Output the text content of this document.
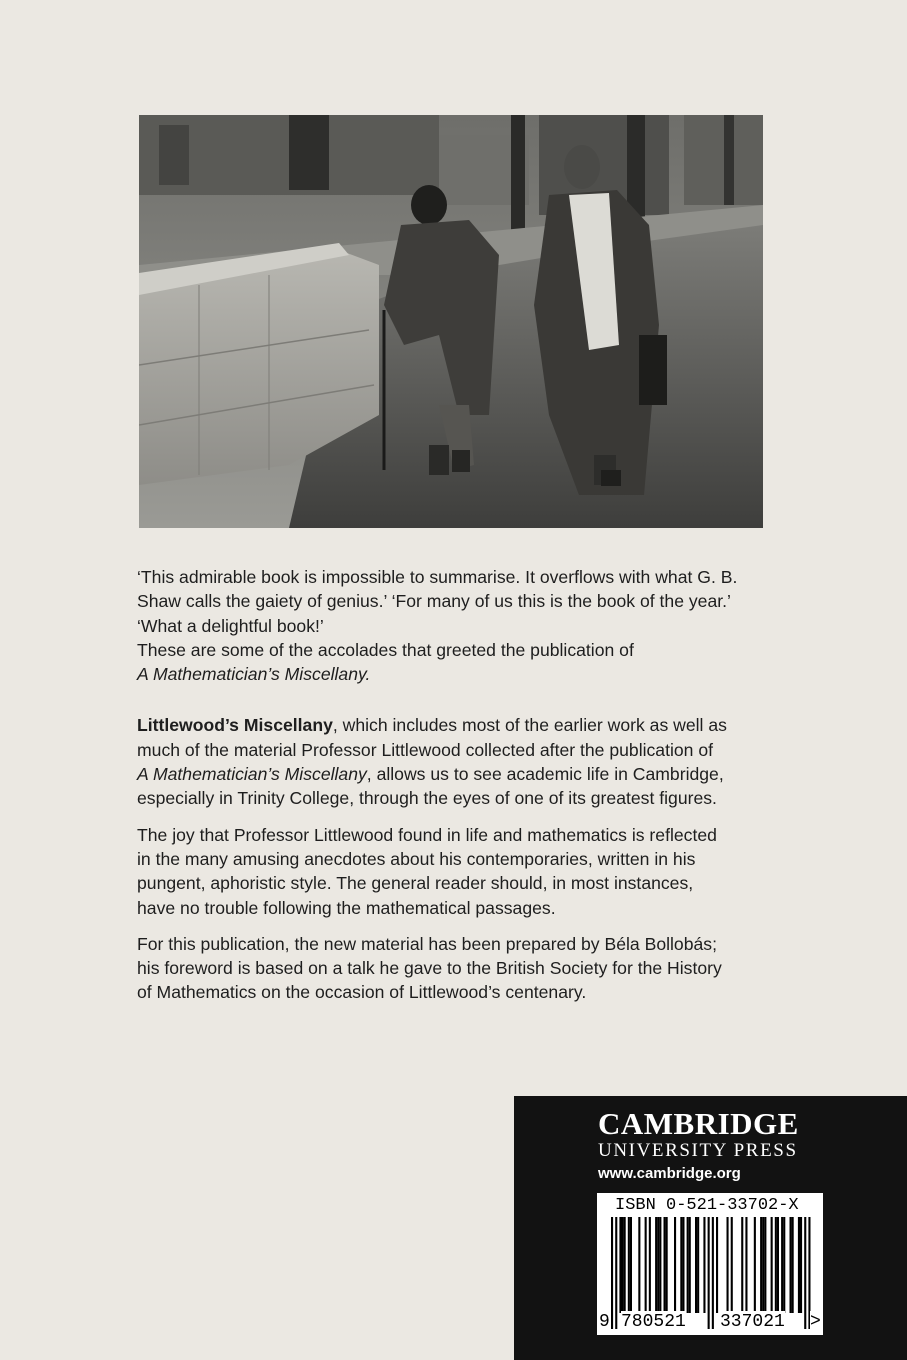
‘This admirable book is impossible to summarise. It overflows with what G. B.
Shaw calls the gaiety of genius.’ ‘For many of us this is the book of the year.’
‘What a delightful book!’
These are some of the accolades that greeted the publication of
A Mathematician’s Miscellany.
Littlewood’s Miscellany, which includes most of the earlier work as well as
much of the material Professor Littlewood collected after the publication of
A Mathematician’s Miscellany, allows us to see academic life in Cambridge,
especially in Trinity College, through the eyes of one of its greatest figures.
The joy that Professor Littlewood found in life and mathematics is reflected
in the many amusing anecdotes about his contemporaries, written in his
pungent, aphoristic style. The general reader should, in most instances,
have no trouble following the mathematical passages.
For this publication, the new material has been prepared by Béla Bollobás;
his foreword is based on a talk he gave to the British Society for the History
of Mathematics on the occasion of Littlewood’s centenary.
CAMBRIDGE
UNIVERSITY PRESS
www.cambridge.org
ISBN 0-521-33702-X
9 780521 337021 >
